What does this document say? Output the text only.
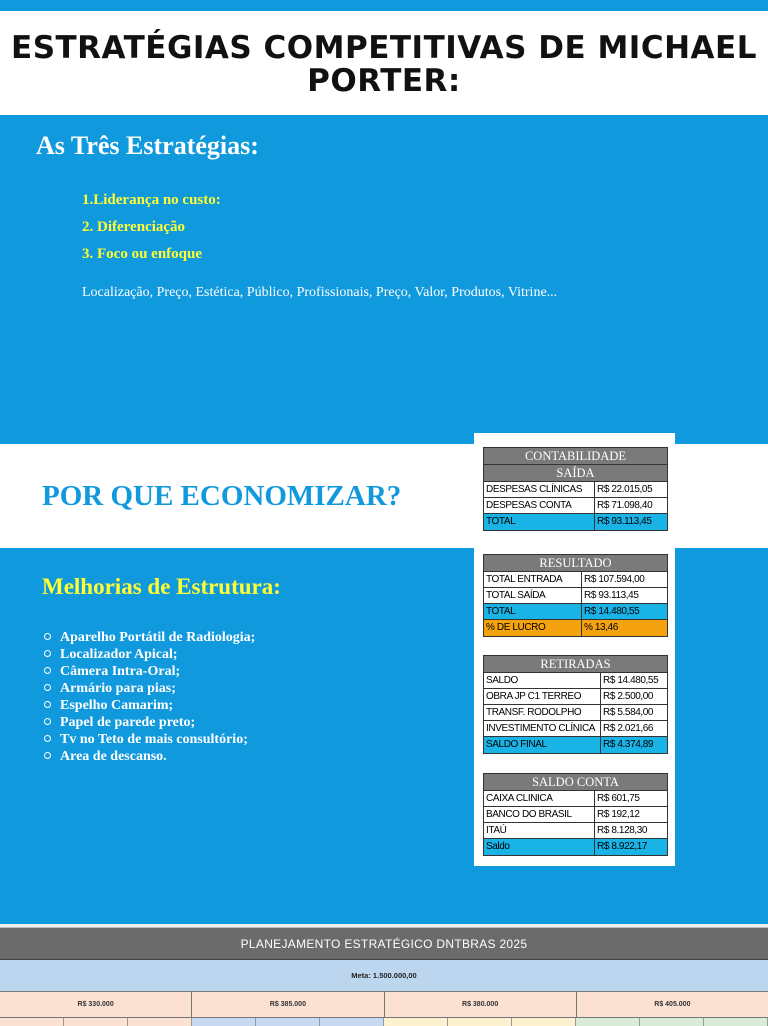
ESTRATÉGIAS COMPETITIVAS DE MICHAEL PORTER:
As Três Estratégias:
1.Liderança no custo:
2. Diferenciação
3. Foco ou enfoque
Localização, Preço, Estética, Público, Profissionais, Preço, Valor, Produtos, Vitrine...
POR QUE ECONOMIZAR?
Melhorias de Estrutura:
Aparelho Portátil de Radiologia;
Localizador Apical;
Câmera Intra-Oral;
Armário para pias;
Espelho Camarim;
Papel de parede preto;
Tv no Teto de mais consultório;
Area de descanso.
CONTABILIDADE
SAÍDA
DESPESAS CLÍNICAS	R$ 22.015,05
DESPESAS CONTA	R$ 71.098,40
TOTAL	R$ 93.113,45
RESULTADO
TOTAL ENTRADA	R$ 107.594,00
TOTAL SAÍDA	R$ 93.113,45
TOTAL	R$ 14.480,55
% DE LUCRO	% 13,46
RETIRADAS
SALDO	R$ 14.480,55
OBRA JP C1 TERREO	R$ 2.500,00
TRANSF. RODOLPHO	R$ 5.584,00
INVESTIMENTO CLÍNICA R$ 2.021,66
SALDO FINAL	R$ 4.374,89
SALDO CONTA
CAIXA CLINICA	R$ 601,75
BANCO DO BRASIL	R$ 192,12
ITAÚ	R$ 8.128,30
Saldo	R$ 8.922,17
PLANEJAMENTO ESTRATÉGICO DNTBRAS 2025
Meta: 1.500.000,00
R$ 330.000	R$ 385.000	R$ 380.000	R$ 405.000
